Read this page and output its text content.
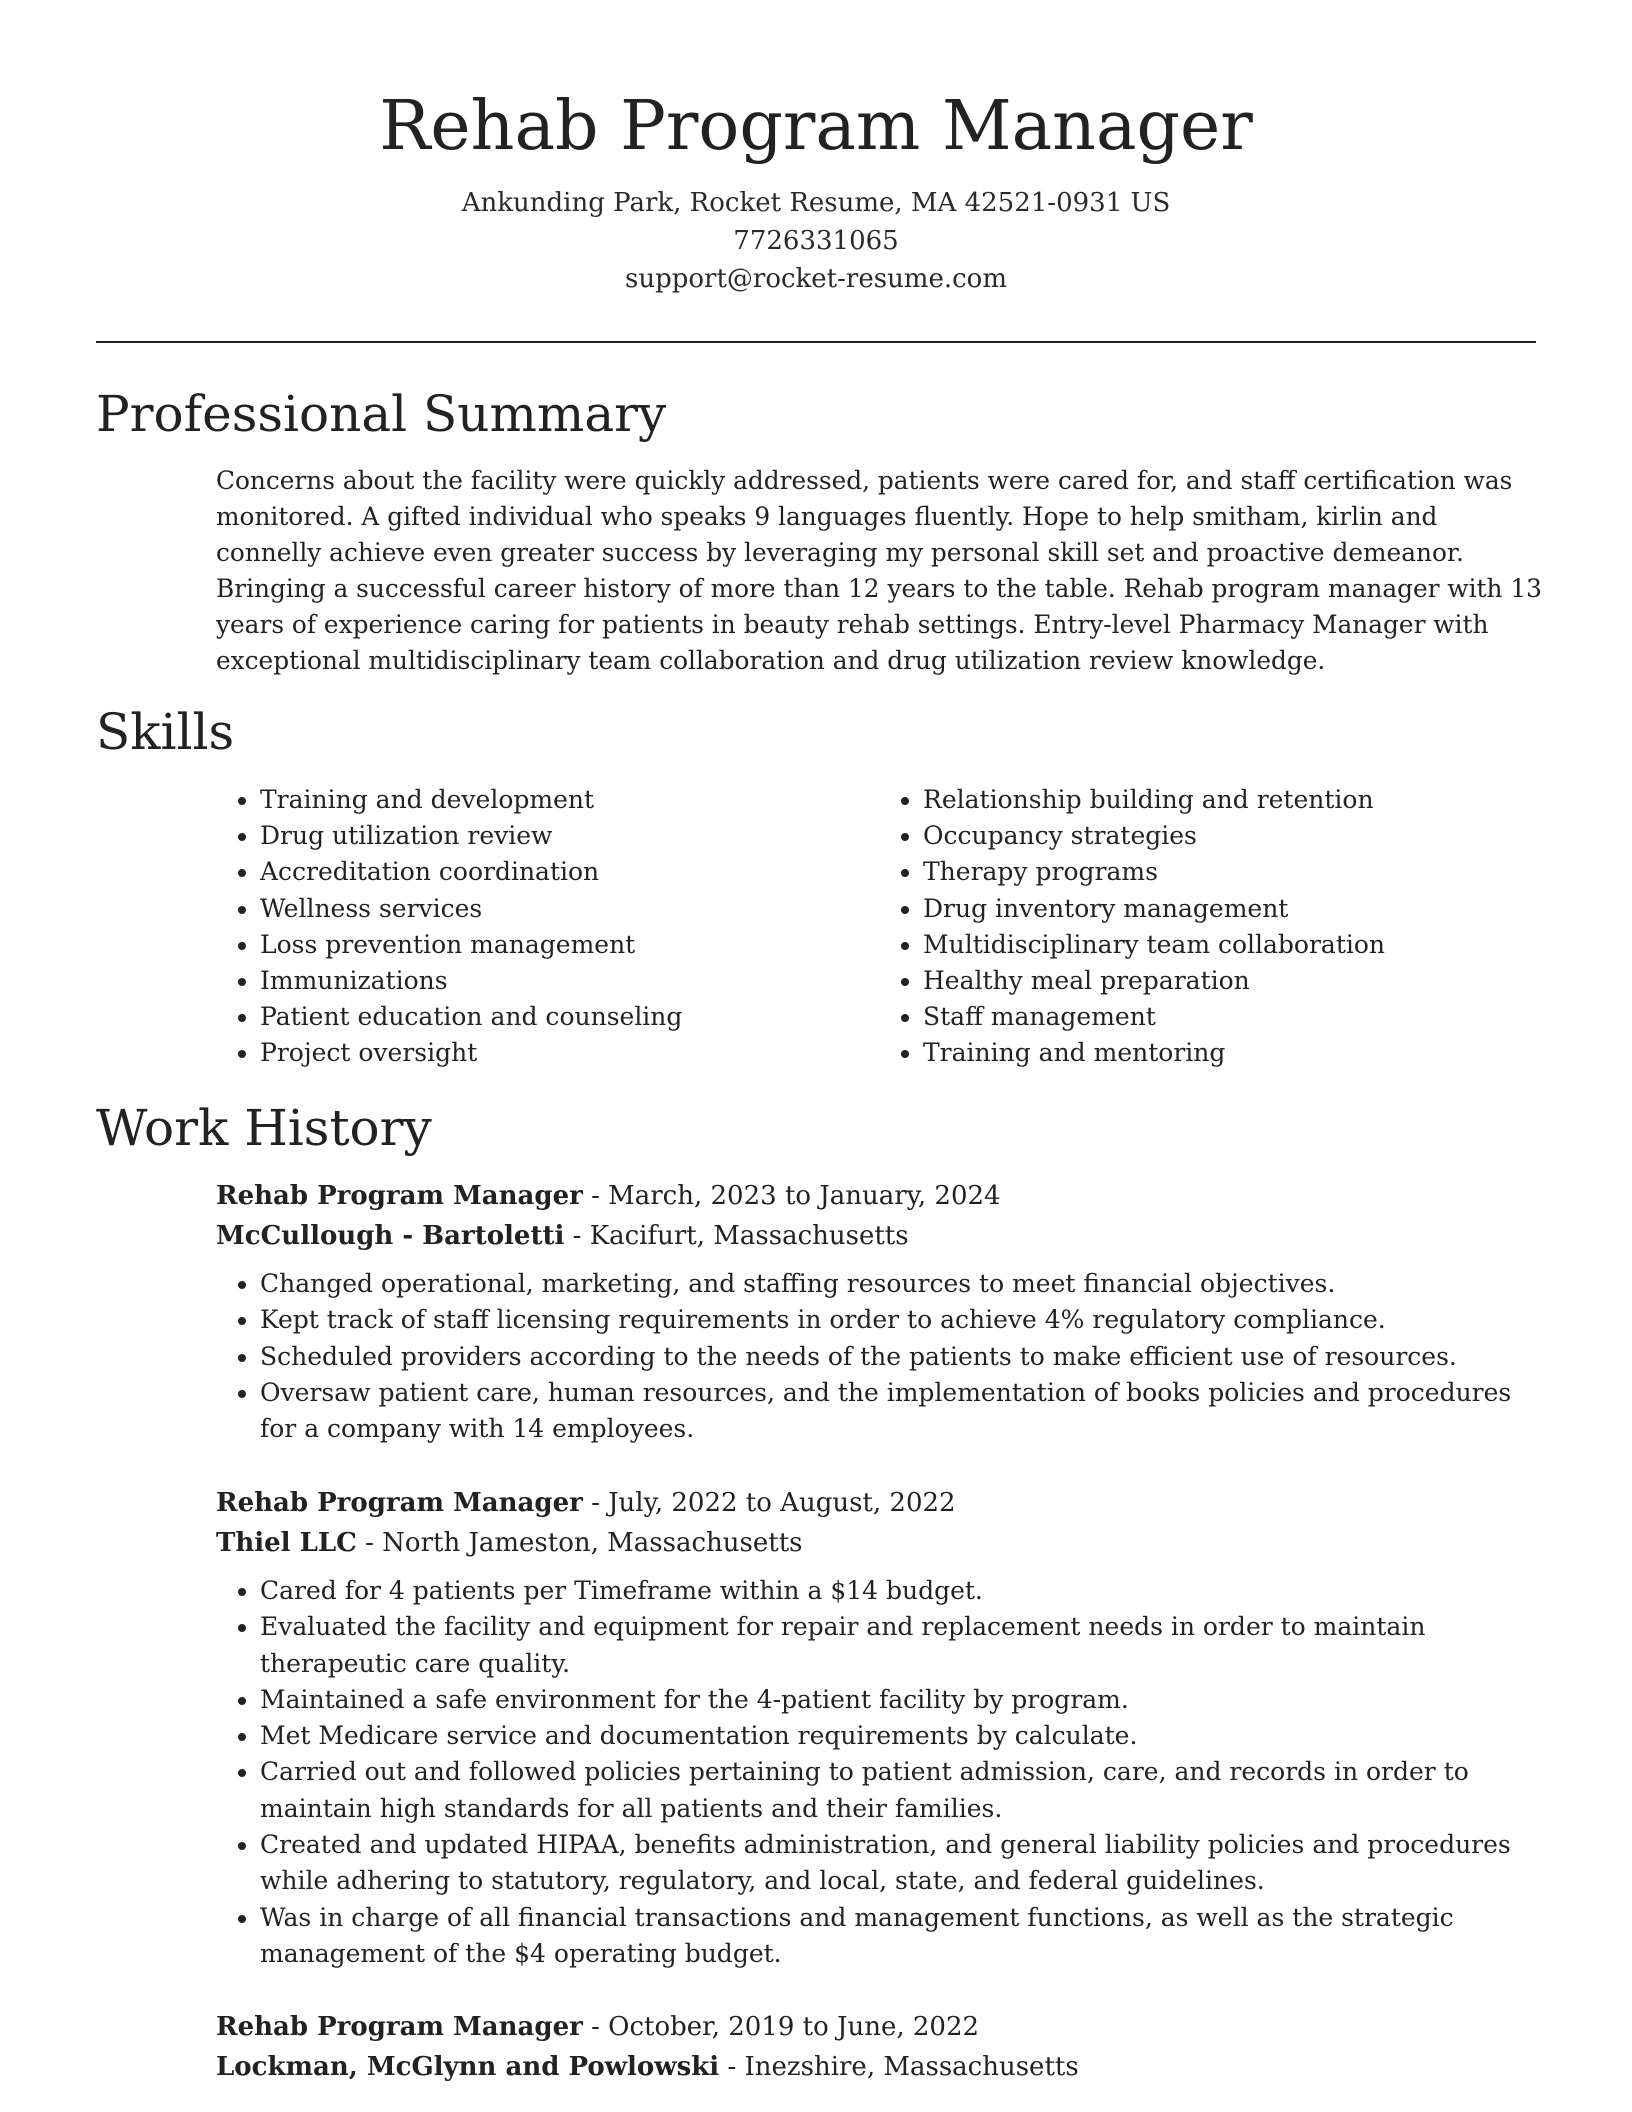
Rehab Program Manager
Ankunding Park, Rocket Resume, MA 42521-0931 US
7726331065
support@rocket-resume.com
Professional Summary
Concerns about the facility were quickly addressed, patients were cared for, and staff certification was monitored. A gifted individual who speaks 9 languages fluently. Hope to help smitham, kirlin and connelly achieve even greater success by leveraging my personal skill set and proactive demeanor. Bringing a successful career history of more than 12 years to the table. Rehab program manager with 13 years of experience caring for patients in beauty rehab settings. Entry-level Pharmacy Manager with exceptional multidisciplinary team collaboration and drug utilization review knowledge.
Skills
• Training and development
• Drug utilization review
• Accreditation coordination
• Wellness services
• Loss prevention management
• Immunizations
• Patient education and counseling
• Project oversight
• Relationship building and retention
• Occupancy strategies
• Therapy programs
• Drug inventory management
• Multidisciplinary team collaboration
• Healthy meal preparation
• Staff management
• Training and mentoring
Work History
Rehab Program Manager - March, 2023 to January, 2024
McCullough - Bartoletti - Kacifurt, Massachusetts
• Changed operational, marketing, and staffing resources to meet financial objectives.
• Kept track of staff licensing requirements in order to achieve 4% regulatory compliance.
• Scheduled providers according to the needs of the patients to make efficient use of resources.
• Oversaw patient care, human resources, and the implementation of books policies and procedures for a company with 14 employees.
Rehab Program Manager - July, 2022 to August, 2022
Thiel LLC - North Jameston, Massachusetts
• Cared for 4 patients per Timeframe within a $14 budget.
• Evaluated the facility and equipment for repair and replacement needs in order to maintain therapeutic care quality.
• Maintained a safe environment for the 4-patient facility by program.
• Met Medicare service and documentation requirements by calculate.
• Carried out and followed policies pertaining to patient admission, care, and records in order to maintain high standards for all patients and their families.
• Created and updated HIPAA, benefits administration, and general liability policies and procedures while adhering to statutory, regulatory, and local, state, and federal guidelines.
• Was in charge of all financial transactions and management functions, as well as the strategic management of the $4 operating budget.
Rehab Program Manager - October, 2019 to June, 2022
Lockman, McGlynn and Powlowski - Inezshire, Massachusetts
